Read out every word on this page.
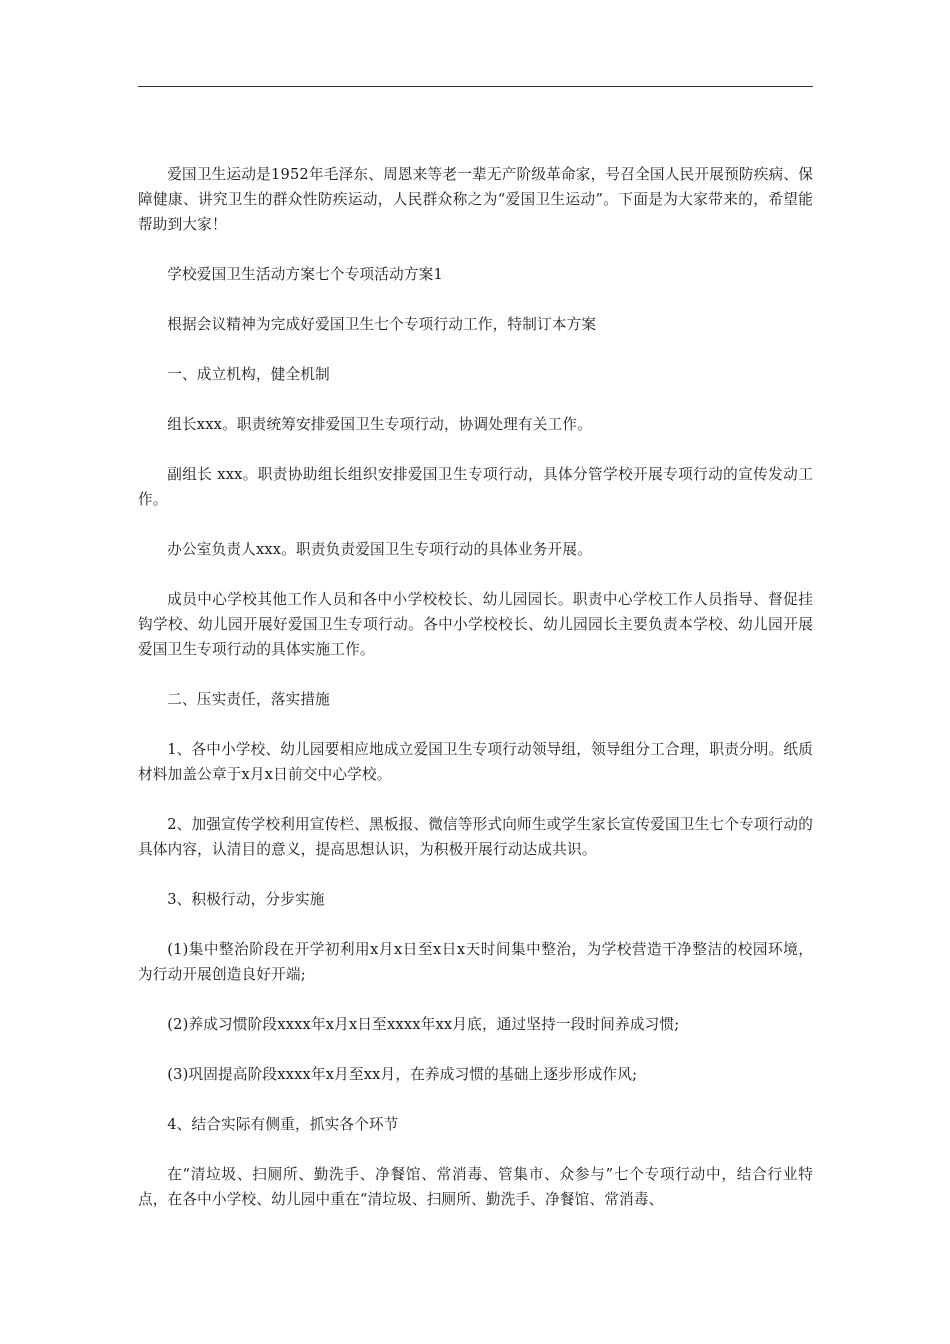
爱国卫生运动是1952年毛泽东、周恩来等老一辈无产阶级革命家，号召全国人民开展预防疾病、保障健康、讲究卫生的群众性防疾运动，人民群众称之为“爱国卫生运动”。下面是为大家带来的，希望能帮助到大家！

学校爱国卫生活动方案七个专项活动方案1

根据会议精神为完成好爱国卫生七个专项行动工作，特制订本方案

一、成立机构，健全机制

组长xxx。职责统筹安排爱国卫生专项行动，协调处理有关工作。

副组长 xxx。职责协助组长组织安排爱国卫生专项行动，具体分管学校开展专项行动的宣传发动工作。

办公室负责人xxx。职责负责爱国卫生专项行动的具体业务开展。

成员中心学校其他工作人员和各中小学校校长、幼儿园园长。职责中心学校工作人员指导、督促挂钩学校、幼儿园开展好爱国卫生专项行动。各中小学校校长、幼儿园园长主要负责本学校、幼儿园开展爱国卫生专项行动的具体实施工作。

二、压实责任，落实措施

1、各中小学校、幼儿园要相应地成立爱国卫生专项行动领导组，领导组分工合理，职责分明。纸质材料加盖公章于x月x日前交中心学校。

2、加强宣传学校利用宣传栏、黑板报、微信等形式向师生或学生家长宣传爱国卫生七个专项行动的具体内容，认清目的意义，提高思想认识，为积极开展行动达成共识。

3、积极行动，分步实施

(1)集中整治阶段在开学初利用x月x日至x日x天时间集中整治，为学校营造干净整洁的校园环境，为行动开展创造良好开端;

(2)养成习惯阶段xxxx年x月x日至xxxx年xx月底，通过坚持一段时间养成习惯;

(3)巩固提高阶段xxxx年x月至xx月，在养成习惯的基础上逐步形成作风;

4、结合实际有侧重，抓实各个环节

在“清垃圾、扫厕所、勤洗手、净餐馆、常消毒、管集市、众参与”七个专项行动中，结合行业特点，在各中小学校、幼儿园中重在“清垃圾、扫厕所、勤洗手、净餐馆、常消毒、
